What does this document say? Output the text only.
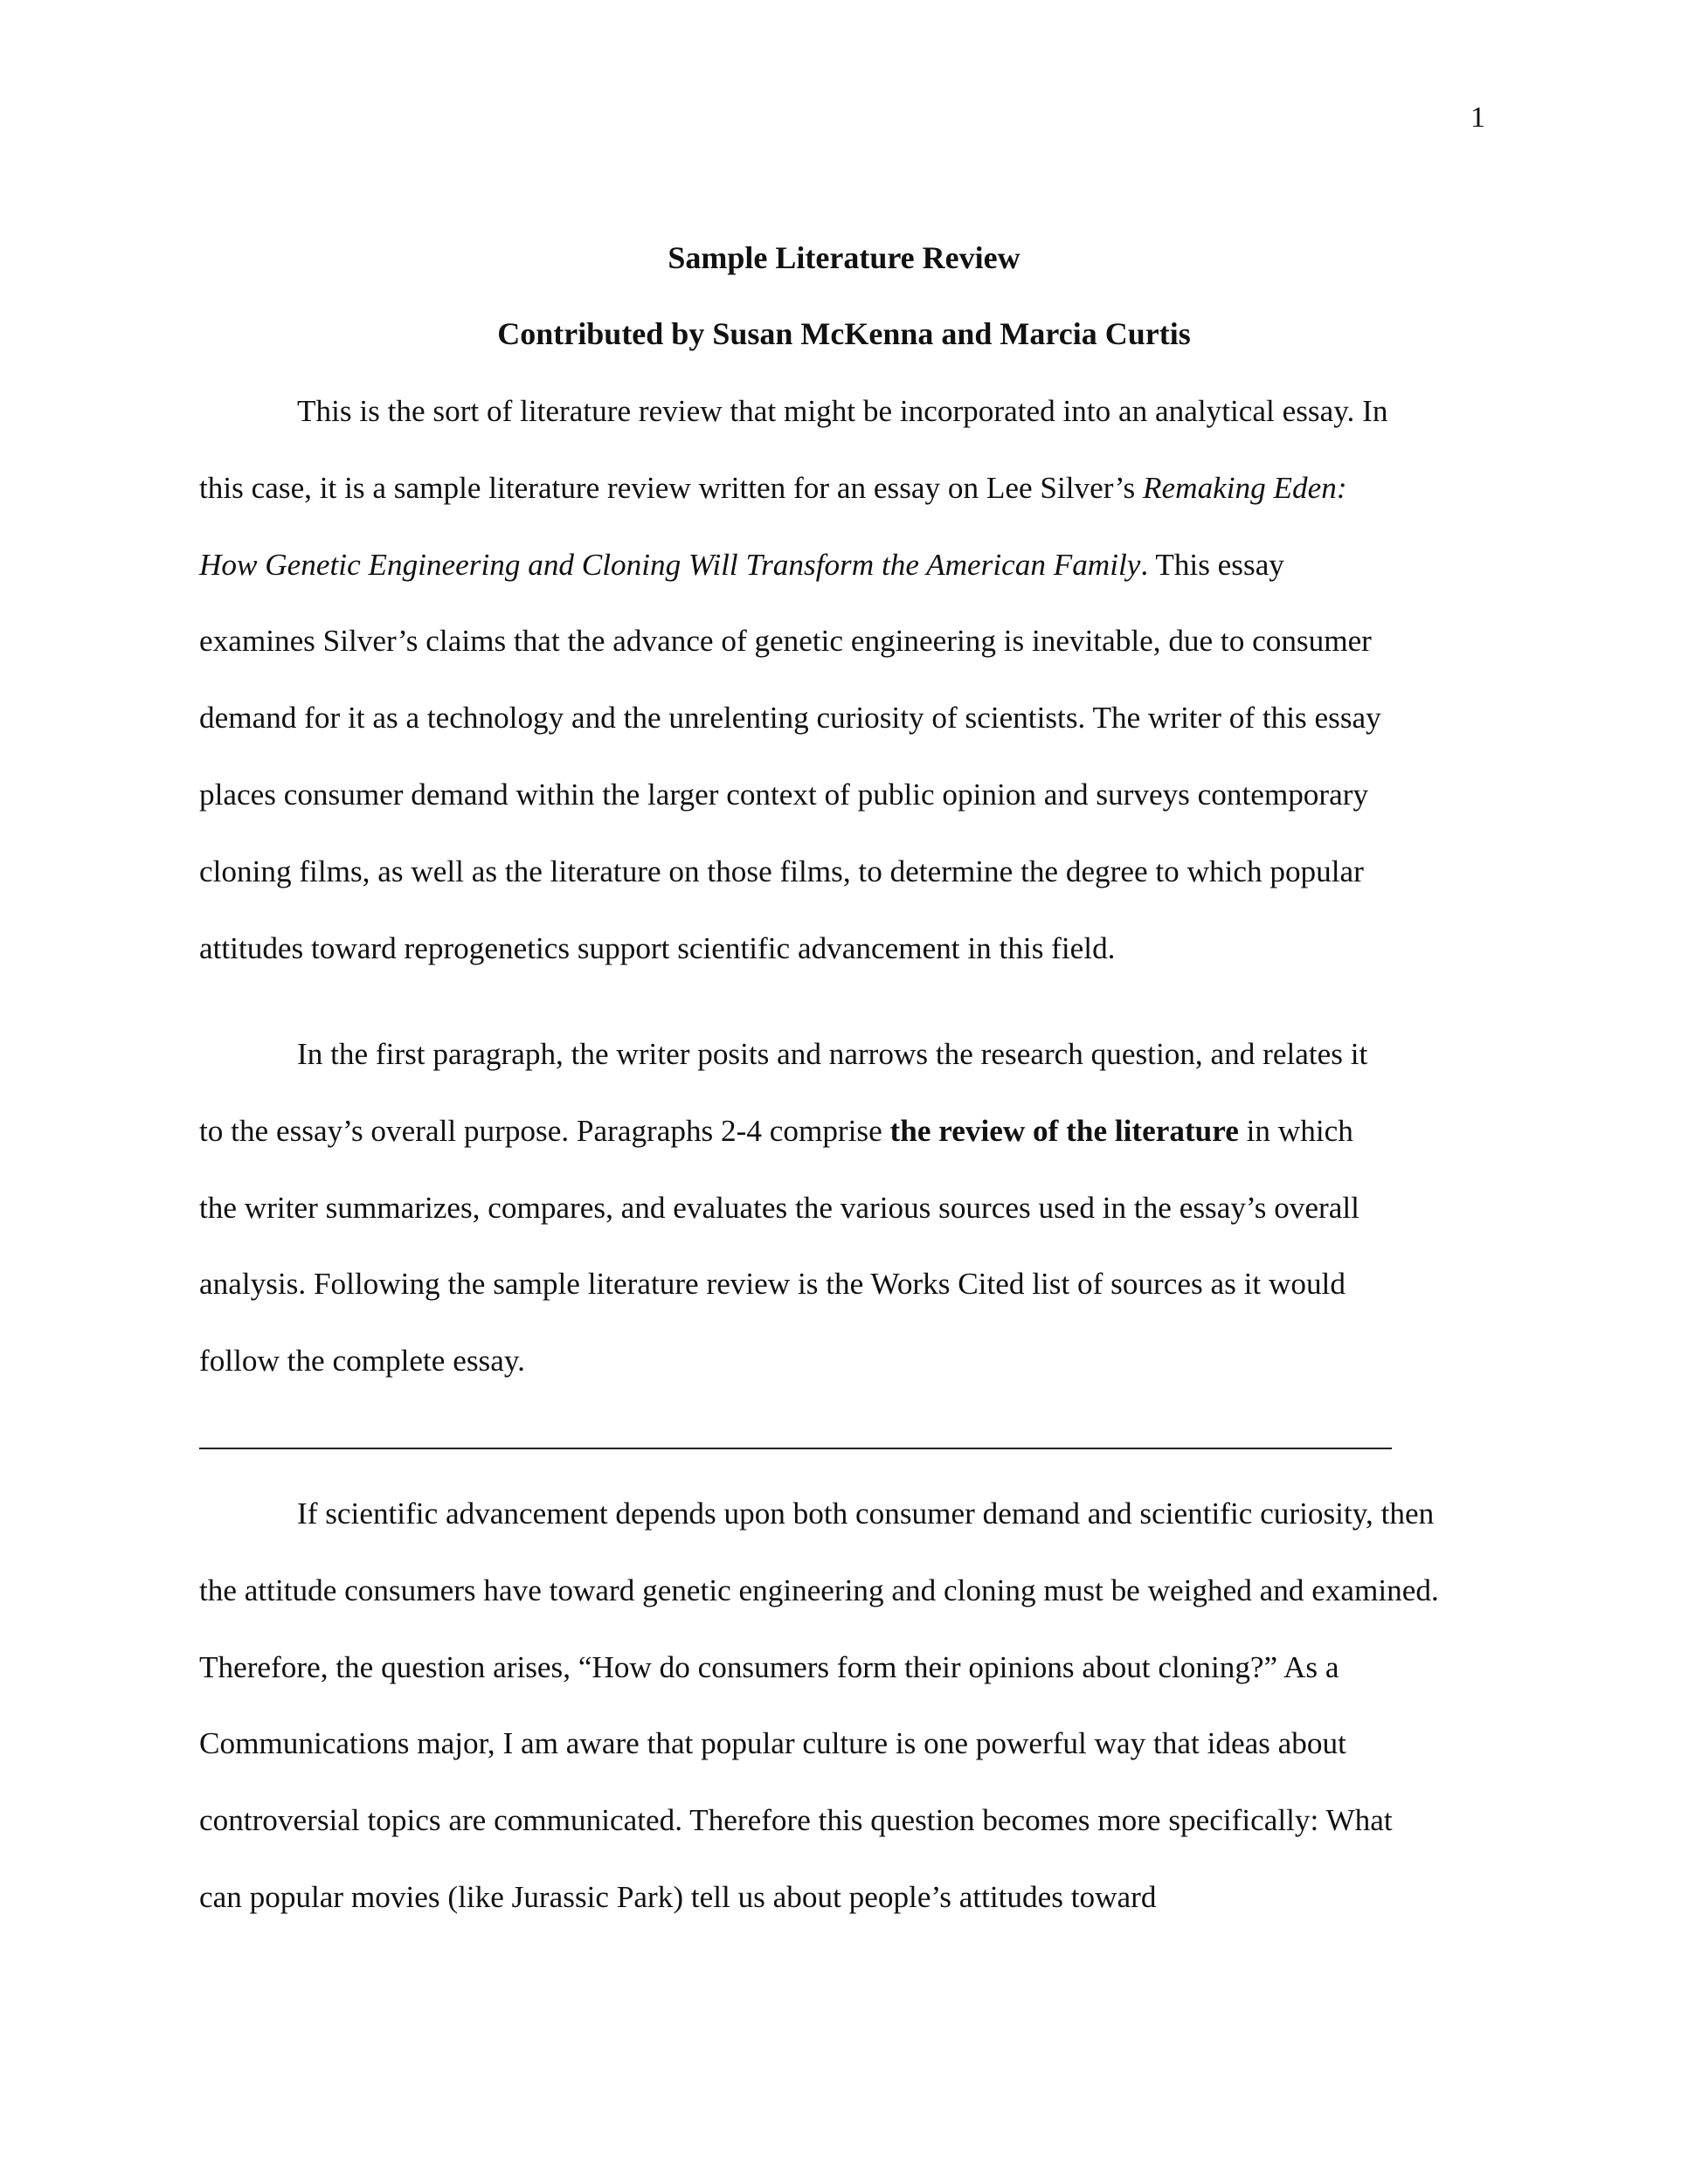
1
Sample Literature Review
Contributed by Susan McKenna and Marcia Curtis

This is the sort of literature review that might be incorporated into an analytical essay. In
this case, it is a sample literature review written for an essay on Lee Silver’s Remaking Eden:
How Genetic Engineering and Cloning Will Transform the American Family. This essay
examines Silver’s claims that the advance of genetic engineering is inevitable, due to consumer
demand for it as a technology and the unrelenting curiosity of scientists. The writer of this essay
places consumer demand within the larger context of public opinion and surveys contemporary
cloning films, as well as the literature on those films, to determine the degree to which popular
attitudes toward reprogenetics support scientific advancement in this field.

In the first paragraph, the writer posits and narrows the research question, and relates it
to the essay’s overall purpose. Paragraphs 2-4 comprise the review of the literature in which
the writer summarizes, compares, and evaluates the various sources used in the essay’s overall
analysis. Following the sample literature review is the Works Cited list of sources as it would
follow the complete essay.

If scientific advancement depends upon both consumer demand and scientific curiosity, then
the attitude consumers have toward genetic engineering and cloning must be weighed and examined.
Therefore, the question arises, “How do consumers form their opinions about cloning?” As a
Communications major, I am aware that popular culture is one powerful way that ideas about
controversial topics are communicated. Therefore this question becomes more specifically: What
can popular movies (like Jurassic Park) tell us about people’s attitudes toward
